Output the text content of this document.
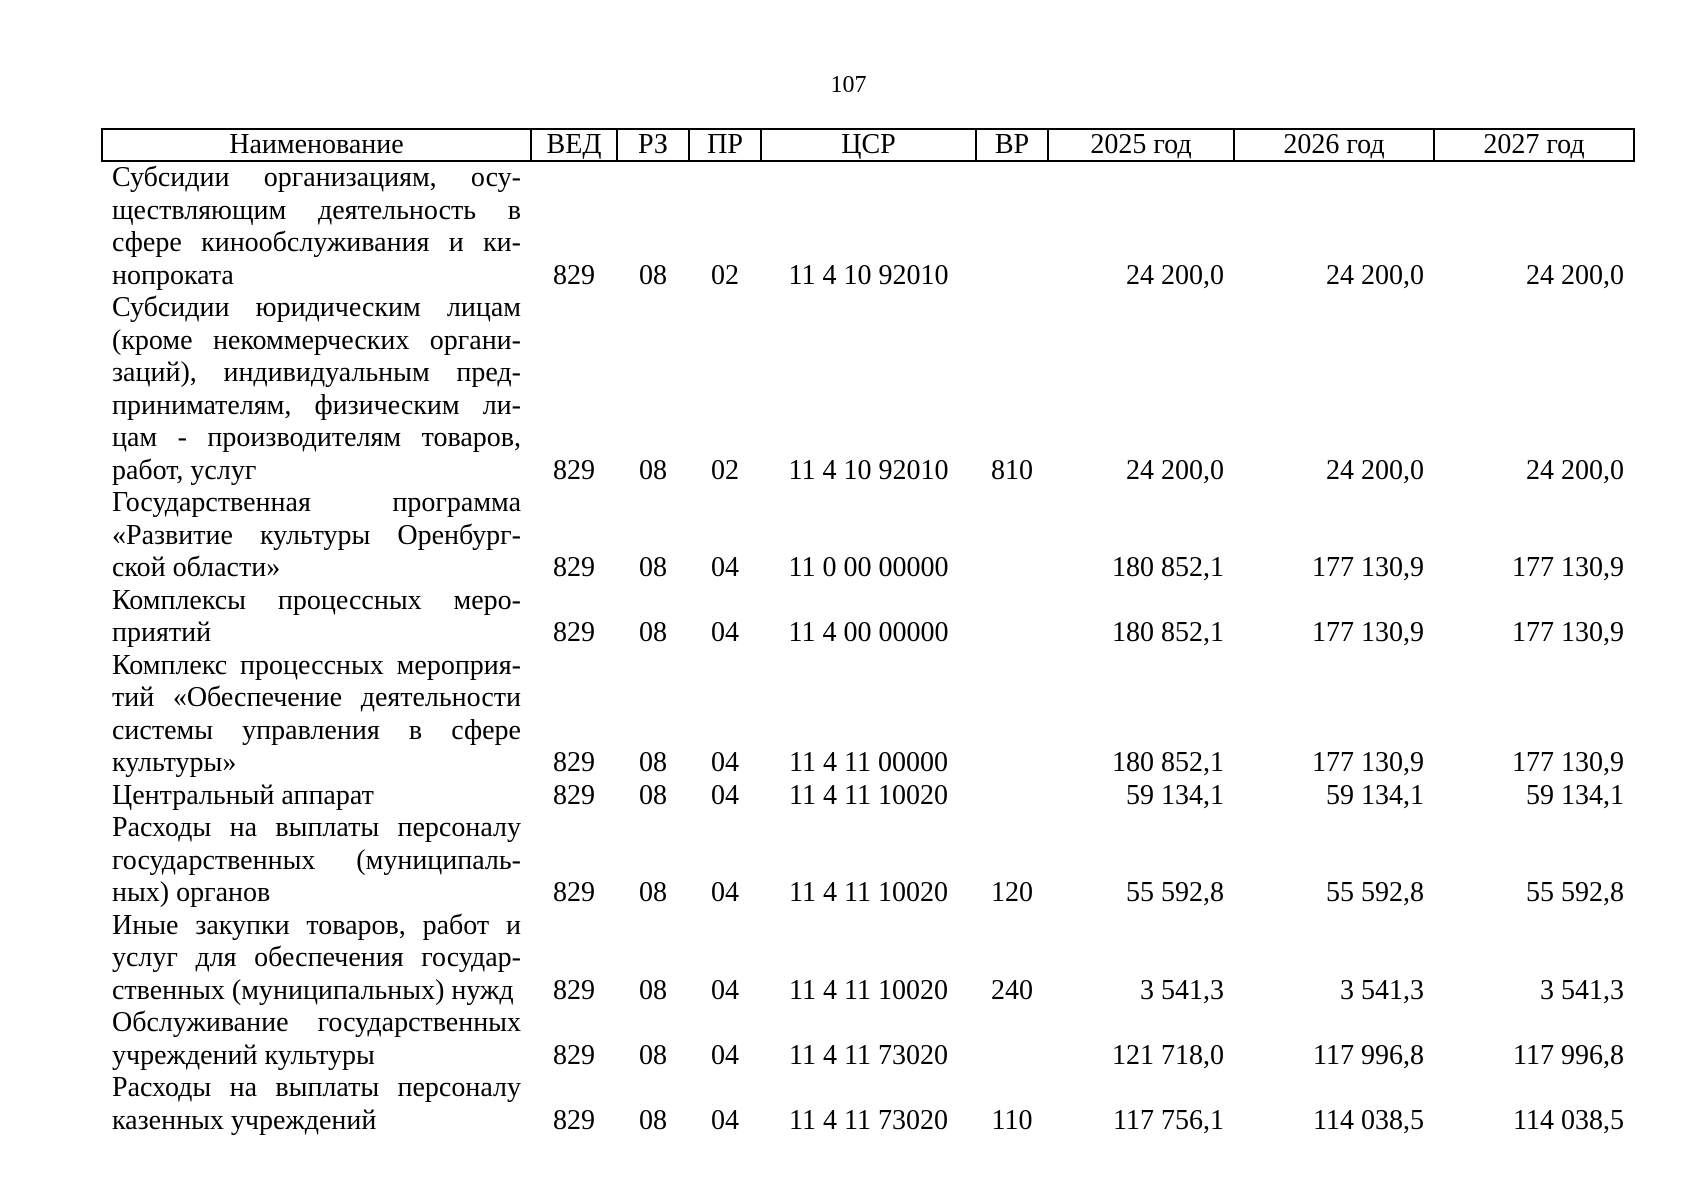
107
Наименование	ВЕД	РЗ	ПР	ЦСР	ВР	2025 год	2026 год	2027 год
Субсидии организациям, осуществляющим деятельность в сфере кинообслуживания и кинопроката	829	08	02	11 4 10 92010		24 200,0	24 200,0	24 200,0
Субсидии юридическим лицам (кроме некоммерческих организаций), индивидуальным предпринимателям, физическим лицам - производителям товаров, работ, услуг	829	08	02	11 4 10 92010	810	24 200,0	24 200,0	24 200,0
Государственная программа «Развитие культуры Оренбургской области»	829	08	04	11 0 00 00000		180 852,1	177 130,9	177 130,9
Комплексы процессных мероприятий	829	08	04	11 4 00 00000		180 852,1	177 130,9	177 130,9
Комплекс процессных мероприятий «Обеспечение деятельности системы управления в сфере культуры»	829	08	04	11 4 11 00000		180 852,1	177 130,9	177 130,9
Центральный аппарат	829	08	04	11 4 11 10020		59 134,1	59 134,1	59 134,1
Расходы на выплаты персоналу государственных (муниципальных) органов	829	08	04	11 4 11 10020	120	55 592,8	55 592,8	55 592,8
Иные закупки товаров, работ и услуг для обеспечения государственных (муниципальных) нужд	829	08	04	11 4 11 10020	240	3 541,3	3 541,3	3 541,3
Обслуживание государственных учреждений культуры	829	08	04	11 4 11 73020		121 718,0	117 996,8	117 996,8
Расходы на выплаты персоналу казенных учреждений	829	08	04	11 4 11 73020	110	117 756,1	114 038,5	114 038,5
